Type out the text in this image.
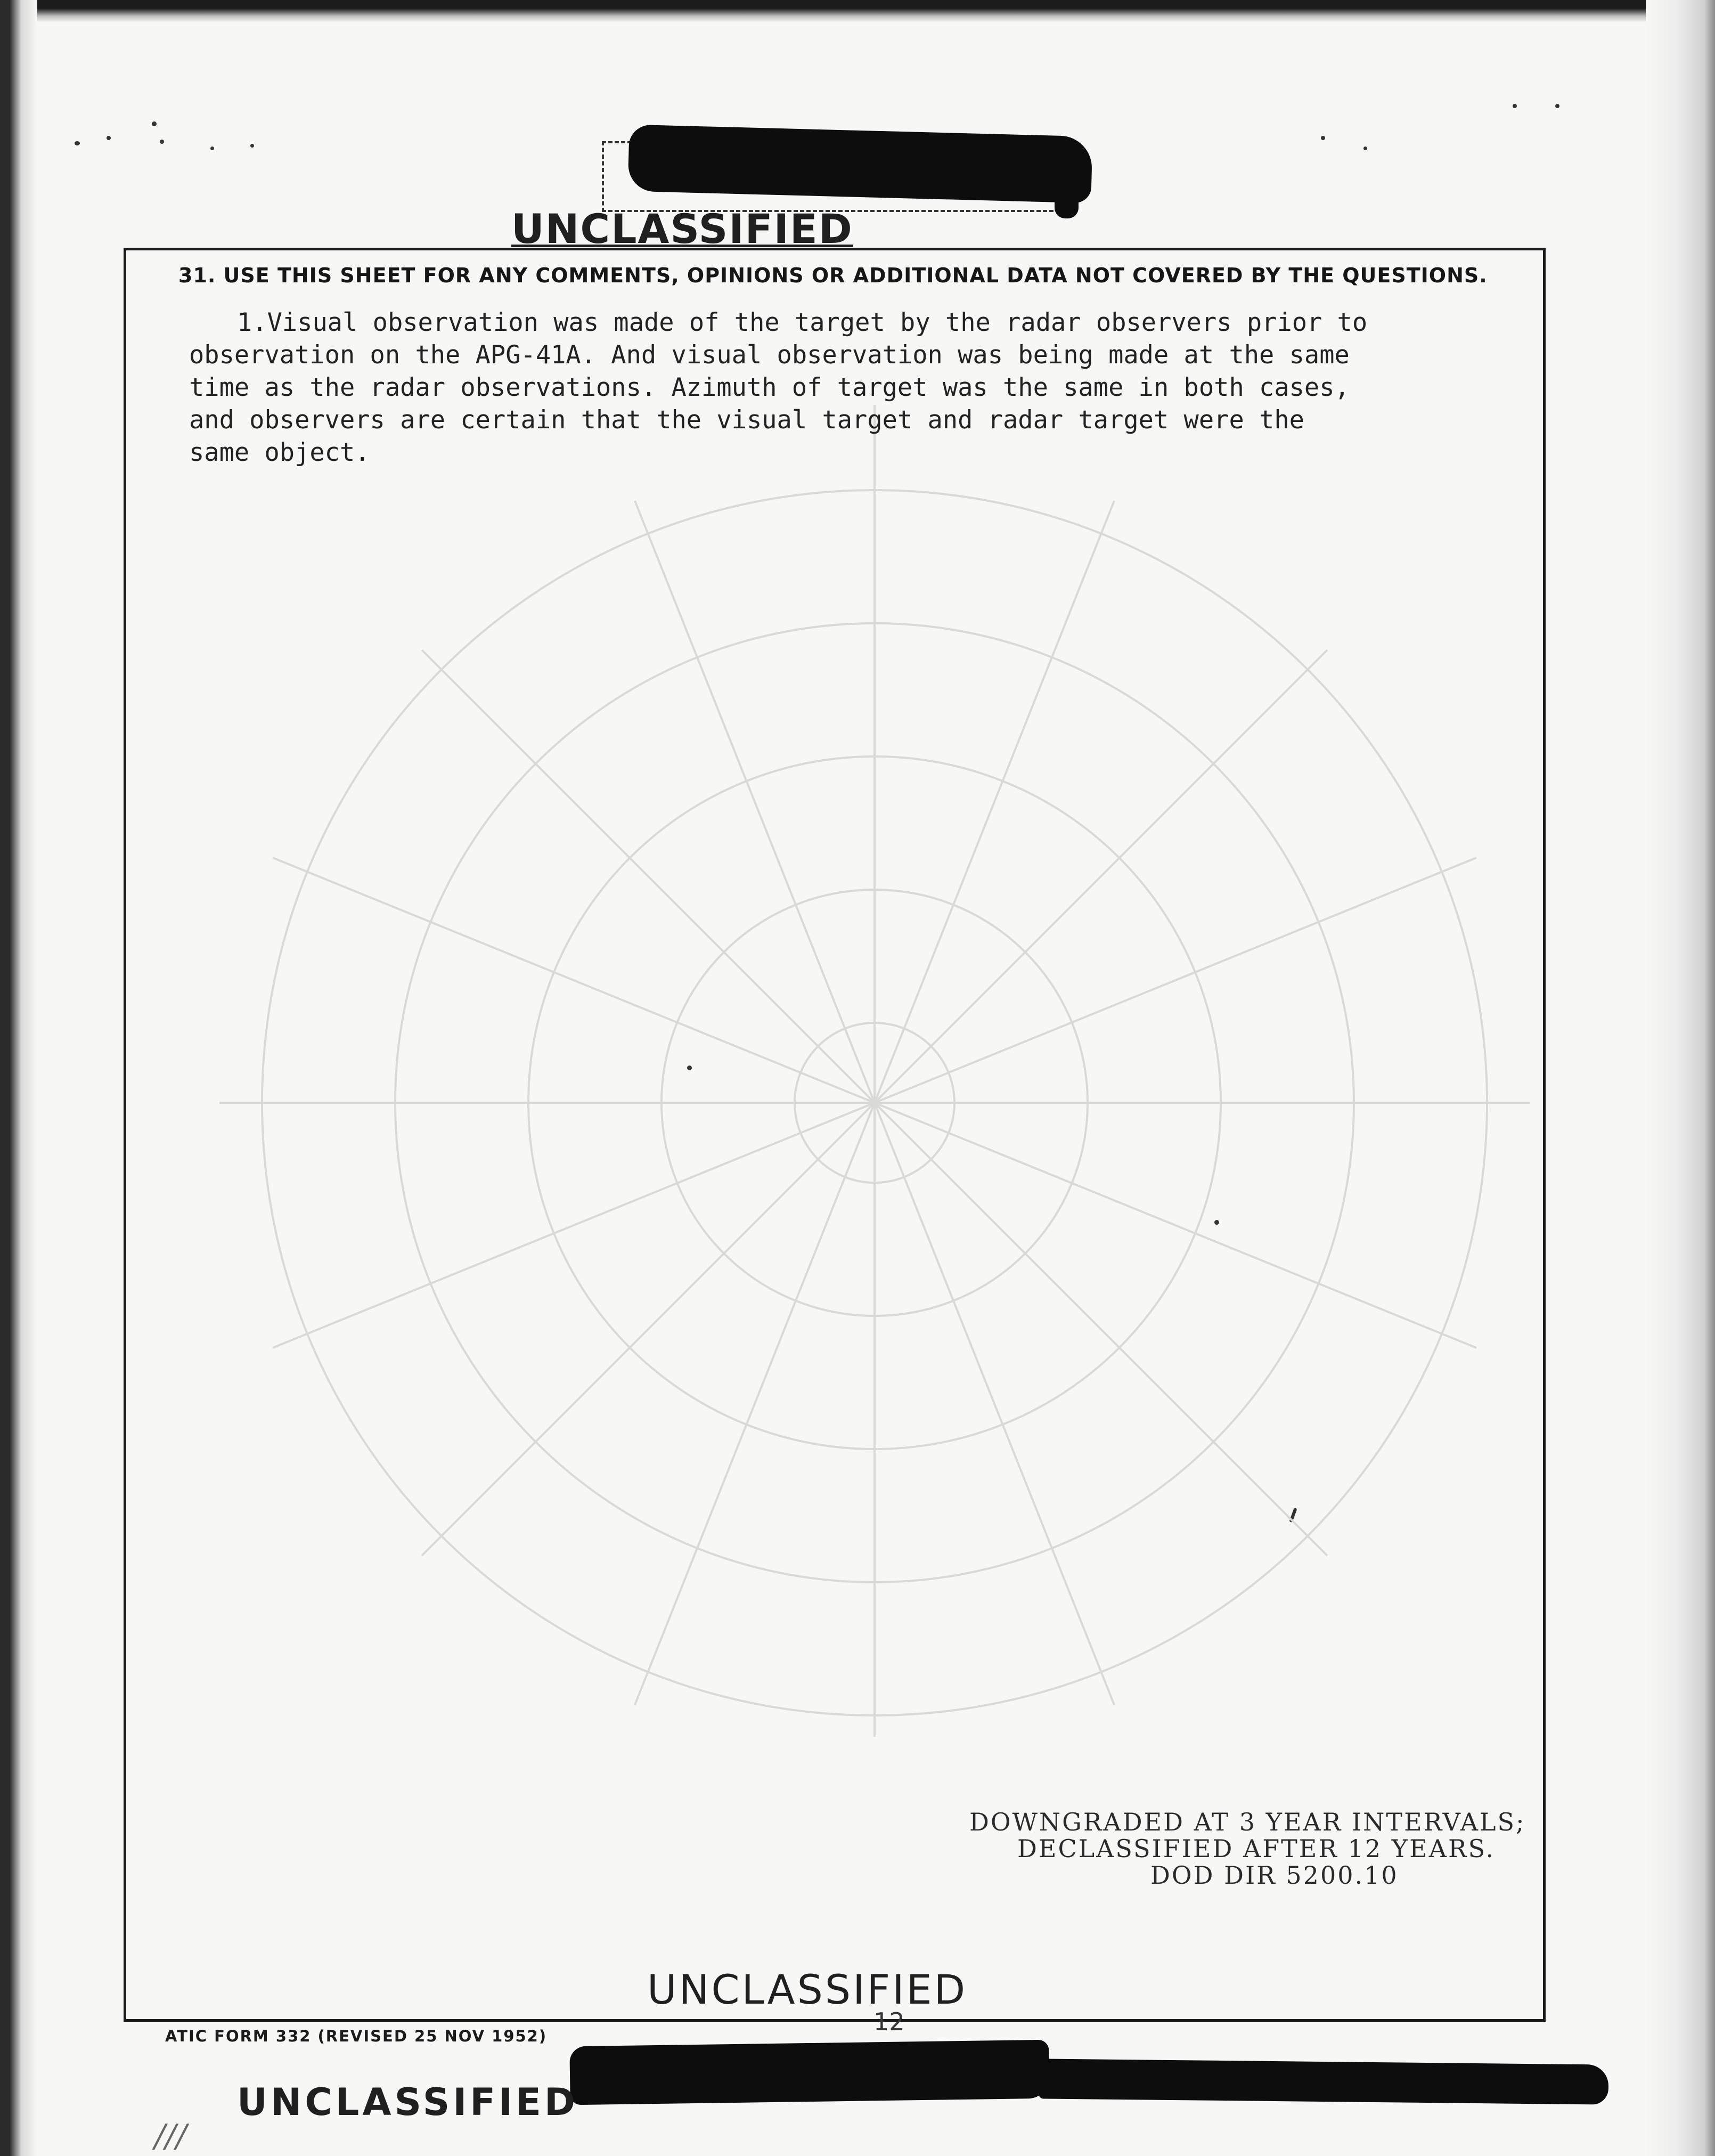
UNCLASSIFIED
31. USE THIS SHEET FOR ANY COMMENTS, OPINIONS OR ADDITIONAL DATA NOT COVERED BY THE QUESTIONS.
1.Visual observation was made of the target by the radar observers prior to
observation on the APG-41A. And visual observation was being made at the same
time as the radar observations. Azimuth of target was the same in both cases,
and observers are certain that the visual target and radar target were the
same object.
DOWNGRADED AT 3 YEAR INTERVALS;
DECLASSIFIED AFTER 12 YEARS.
DOD DIR 5200.10
UNCLASSIFIED
12
ATIC FORM 332 (REVISED 25 NOV 1952)
UNCLASSIFIED
///
